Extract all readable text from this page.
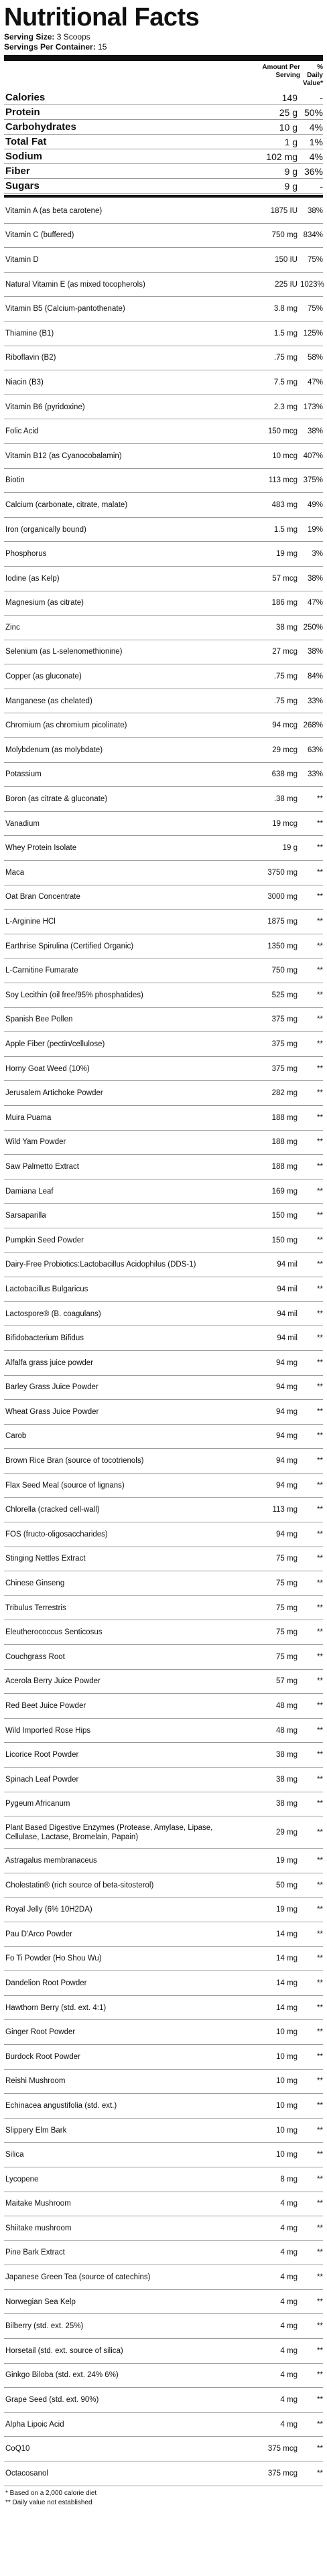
Nutritional Facts
Serving Size: 3 Scoops
Servings Per Container: 15
Amount Per Serving
% Daily Value*
Calories	149	-
Protein	25 g 50%
Carbohydrates	10 g	4%
Total Fat	1 g	1%
Sodium	102 mg	4%
Fiber	9 g 36%
Sugars	9 g	-
Vitamin A (as beta carotene)	1875 IU	38%
Vitamin C (buffered)	750 mg 834%
Vitamin D	150 IU	75%
Natural Vitamin E (as mixed tocopherols)	225 IU 1023%
Vitamin B5 (Calcium-pantothenate)	3.8 mg	75%
Thiamine (B1)	1.5 mg 125%
Riboflavin (B2)	.75 mg	58%
Niacin (B3)	7.5 mg	47%
Vitamin B6 (pyridoxine)	2.3 mg 173%
Folic Acid	150 mcg	38%
Vitamin B12 (as Cyanocobalamin)	10 mcg 407%
Biotin	113 mcg 375%
Calcium (carbonate, citrate, malate)	483 mg	49%
Iron (organically bound)	1.5 mg	19%
Phosphorus	19 mg	3%
Iodine (as Kelp)	57 mcg	38%
Magnesium (as citrate)	186 mg	47%
Zinc	38 mg 250%
Selenium (as L-selenomethionine)	27 mcg	38%
Copper (as gluconate)	.75 mg	84%
Manganese (as chelated)	.75 mg	33%
Chromium (as chromium picolinate)	94 mcg 268%
Molybdenum (as molybdate)	29 mcg	63%
Potassium	638 mg	33%
Boron (as citrate & gluconate)	.38 mg	**
Vanadium	19 mcg	**
Whey Protein Isolate	19 g	**
Maca	3750 mg	**
Oat Bran Concentrate	3000 mg	**
L-Arginine HCl	1875 mg	**
Earthrise Spirulina (Certified Organic)	1350 mg	**
L-Carnitine Fumarate	750 mg	**
Soy Lecithin (oil free/95% phosphatides)	525 mg	**
Spanish Bee Pollen	375 mg	**
Apple Fiber (pectin/cellulose)	375 mg	**
Horny Goat Weed (10%)	375 mg	**
Jerusalem Artichoke Powder	282 mg	**
Muira Puama	188 mg	**
Wild Yam Powder	188 mg	**
Saw Palmetto Extract	188 mg	**
Damiana Leaf	169 mg	**
Sarsaparilla	150 mg	**
Pumpkin Seed Powder	150 mg	**
Dairy-Free Probiotics:Lactobacillus Acidophilus (DDS-1)	94 mil	**
Lactobacillus Bulgaricus	94 mil	**
Lactospore® (B. coagulans)	94 mil	**
Bifidobacterium Bifidus	94 mil	**
Alfalfa grass juice powder	94 mg	**
Barley Grass Juice Powder	94 mg	**
Wheat Grass Juice Powder	94 mg	**
Carob	94 mg	**
Brown Rice Bran (source of tocotrienols)	94 mg	**
Flax Seed Meal (source of lignans)	94 mg	**
Chlorella (cracked cell-wall)	113 mg	**
FOS (fructo-oligosaccharides)	94 mg	**
Stinging Nettles Extract	75 mg	**
Chinese Ginseng	75 mg	**
Tribulus Terrestris	75 mg	**
Eleutherococcus Senticosus	75 mg	**
Couchgrass Root	75 mg	**
Acerola Berry Juice Powder	57 mg	**
Red Beet Juice Powder	48 mg	**
Wild Imported Rose Hips	48 mg	**
Licorice Root Powder	38 mg	**
Spinach Leaf Powder	38 mg	**
Pygeum Africanum	38 mg	**
Plant Based Digestive Enzymes (Protease, Amylase, Lipase, Cellulase, Lactase, Bromelain, Papain)
29 mg	**
Astragalus membranaceus	19 mg	**
Cholestatin® (rich source of beta-sitosterol)	50 mg	**
Royal Jelly (6% 10H2DA)	19 mg	**
Pau D'Arco Powder	14 mg	**
Fo Ti Powder (Ho Shou Wu)	14 mg	**
Dandelion Root Powder	14 mg	**
Hawthorn Berry (std. ext. 4:1)	14 mg	**
Ginger Root Powder	10 mg	**
Burdock Root Powder	10 mg	**
Reishi Mushroom	10 mg	**
Echinacea angustifolia (std. ext.)	10 mg	**
Slippery Elm Bark	10 mg	**
Silica	10 mg	**
Lycopene	8 mg	**
Maitake Mushroom	4 mg	**
Shiitake mushroom	4 mg	**
Pine Bark Extract	4 mg	**
Japanese Green Tea (source of catechins)	4 mg	**
Norwegian Sea Kelp	4 mg	**
Bilberry (std. ext. 25%)	4 mg	**
Horsetail (std. ext. source of silica)	4 mg	**
Ginkgo Biloba (std. ext. 24% 6%)	4 mg	**
Grape Seed (std. ext. 90%)	4 mg	**
Alpha Lipoic Acid	4 mg	**
CoQ10	375 mcg	**
Octacosanol	375 mcg	**
* Based on a 2,000 calorie diet
** Daily value not established
